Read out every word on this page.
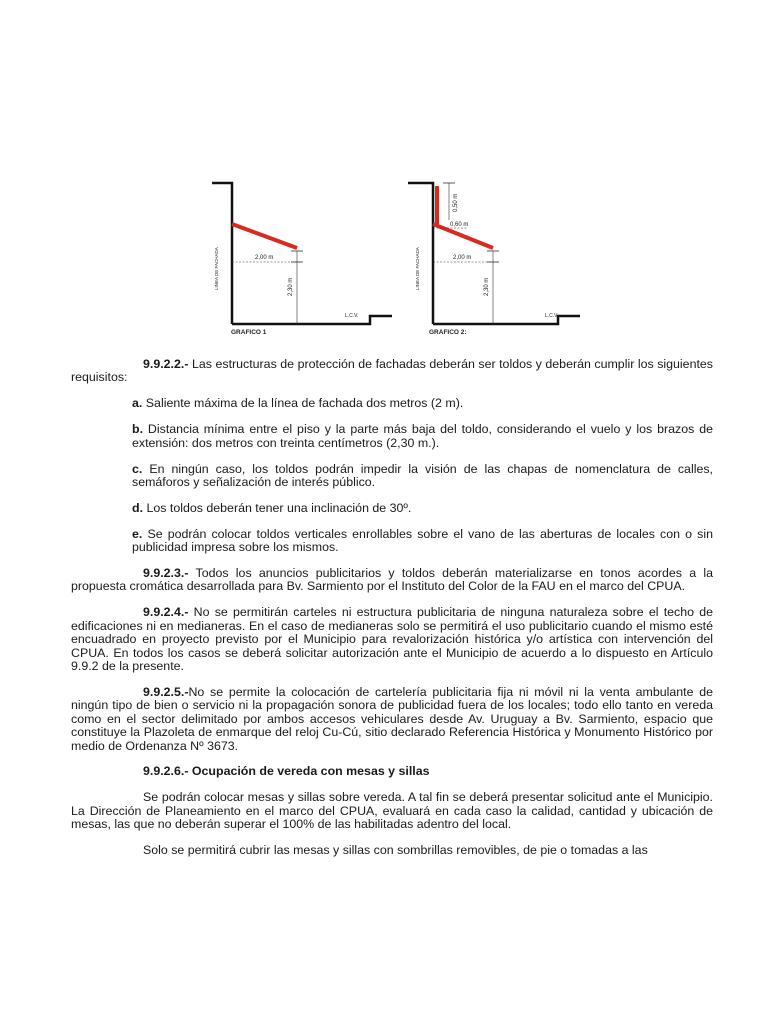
2,00 m
2,30 m
LINEA DE FACHADA
L.C.V.
GRAFICO 1
0,50 m
0,60 m
2,00 m
2,30 m
LINEA DE FACHADA
L.C.V.
GRAFICO 2:

9.9.2.2.- Las estructuras de protección de fachadas deberán ser toldos y deberán cumplir los siguientes requisitos:

a. Saliente máxima de la línea de fachada dos metros (2 m).

b. Distancia mínima entre el piso y la parte más baja del toldo, considerando el vuelo y los brazos de extensión: dos metros con treinta centímetros (2,30 m.).

c. En ningún caso, los toldos podrán impedir la visión de las chapas de nomenclatura de calles, semáforos y señalización de interés público.

d. Los toldos deberán tener una inclinación de 30º.

e. Se podrán colocar toldos verticales enrollables sobre el vano de las aberturas de locales con o sin publicidad impresa sobre los mismos.

9.9.2.3.- Todos los anuncios publicitarios y toldos deberán materializarse en tonos acordes a la propuesta cromática desarrollada para Bv. Sarmiento por el Instituto del Color de la FAU en el marco del CPUA.

9.9.2.4.- No se permitirán carteles ni estructura publicitaria de ninguna naturaleza sobre el techo de edificaciones ni en medianeras. En el caso de medianeras solo se permitirá el uso publicitario cuando el mismo esté encuadrado en proyecto previsto por el Municipio para revalorización histórica y/o artística con intervención del CPUA. En todos los casos se deberá solicitar autorización ante el Municipio de acuerdo a lo dispuesto en Artículo 9.9.2 de la presente.

9.9.2.5.-No se permite la colocación de cartelería publicitaria fija ni móvil ni la venta ambulante de ningún tipo de bien o servicio ni la propagación sonora de publicidad fuera de los locales; todo ello tanto en vereda como en el sector delimitado por ambos accesos vehiculares desde Av. Uruguay a Bv. Sarmiento, espacio que constituye la Plazoleta de enmarque del reloj Cu-Cú, sitio declarado Referencia Histórica y Monumento Histórico por medio de Ordenanza Nº 3673.

9.9.2.6.- Ocupación de vereda con mesas y sillas

Se podrán colocar mesas y sillas sobre vereda. A tal fin se deberá presentar solicitud ante el Municipio. La Dirección de Planeamiento en el marco del CPUA, evaluará en cada caso la calidad, cantidad y ubicación de mesas, las que no deberán superar el 100% de las habilitadas adentro del local.

Solo se permitirá cubrir las mesas y sillas con sombrillas removibles, de pie o tomadas a las
